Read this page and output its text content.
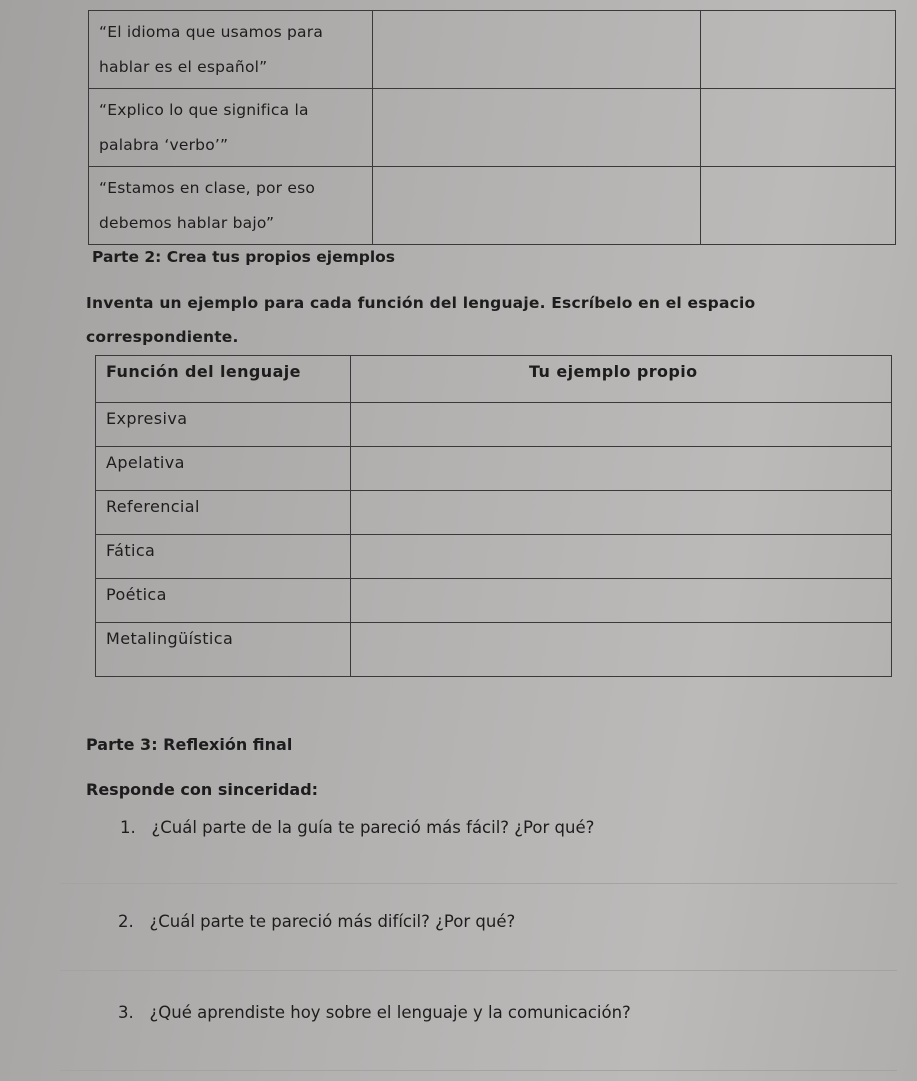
“El idioma que usamos para hablar es el español”		
“Explico lo que significa la palabra ‘verbo’”		
“Estamos en clase, por eso debemos hablar bajo”		
Parte 2: Crea tus propios ejemplos
Inventa un ejemplo para cada función del lenguaje. Escríbelo en el espacio correspondiente.
Función del lenguaje	Tu ejemplo propio
Expresiva	
Apelativa	
Referencial	
Fática	
Poética	
Metalingüística	
Parte 3: Reflexión final
Responde con sinceridad:
1. ¿Cuál parte de la guía te pareció más fácil? ¿Por qué?
2. ¿Cuál parte te pareció más difícil? ¿Por qué?
3. ¿Qué aprendiste hoy sobre el lenguaje y la comunicación?
